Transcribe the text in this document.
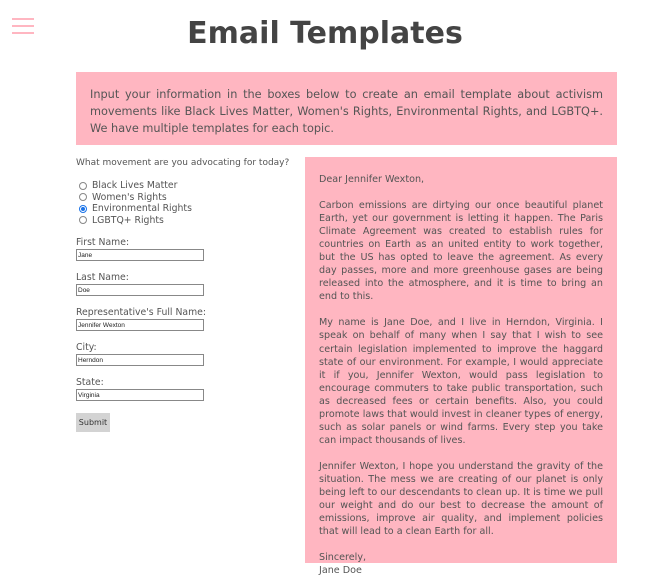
Email Templates
Input your information in the boxes below to create an email template about activism movements like Black Lives Matter, Women's Rights, Environmental Rights, and LGBTQ+. We have multiple templates for each topic.
What movement are you advocating for today?
Black Lives Matter
Women's Rights
Environmental Rights
LGBTQ+ Rights
First Name:
Jane
Last Name:
Doe
Representative's Full Name:
Jennifer Wexton
City:
Herndon
State:
Virginia
Submit

Dear Jennifer Wexton,

Carbon emissions are dirtying our once beautiful planet Earth, yet our government is letting it happen. The Paris Climate Agreement was created to establish rules for countries on Earth as an united entity to work together, but the US has opted to leave the agreement. As every day passes, more and more greenhouse gases are being released into the atmosphere, and it is time to bring an end to this.

My name is Jane Doe, and I live in Herndon, Virginia. I speak on behalf of many when I say that I wish to see certain legislation implemented to improve the haggard state of our environment. For example, I would appreciate it if you, Jennifer Wexton, would pass legislation to encourage commuters to take public transportation, such as decreased fees or certain benefits. Also, you could promote laws that would invest in cleaner types of energy, such as solar panels or wind farms. Every step you take can impact thousands of lives.

Jennifer Wexton, I hope you understand the gravity of the situation. The mess we are creating of our planet is only being left to our descendants to clean up. It is time we pull our weight and do our best to decrease the amount of emissions, improve air quality, and implement policies that will lead to a clean Earth for all.

Sincerely,

Jane Doe
